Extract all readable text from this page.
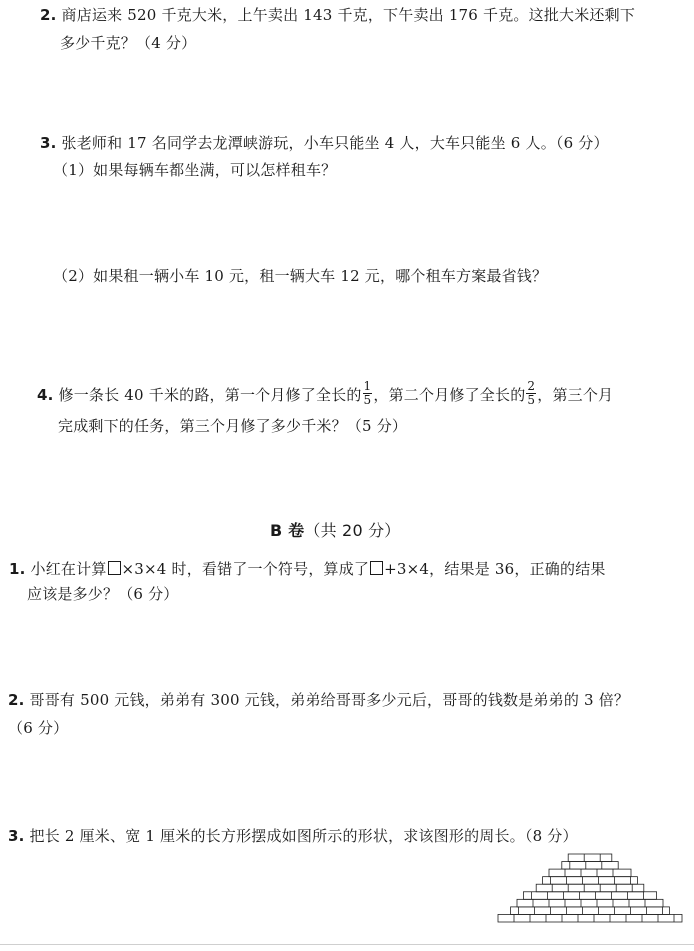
2. 商店运来 520 千克大米，上午卖出 143 千克，下午卖出 176 千克。这批大米还剩下
多少千克？（4 分）
3. 张老师和 17 名同学去龙潭峡游玩，小车只能坐 4 人，大车只能坐 6 人。（6 分）
（1）如果每辆车都坐满，可以怎样租车？
（2）如果租一辆小车 10 元，租一辆大车 12 元，哪个租车方案最省钱？
4. 修一条长 40 千米的路，第一个月修了全长的 $\frac{1}{5}$ ，第二个月修了全长的 $\frac{2}{5}$ ，第三个月
完成剩下的任务，第三个月修了多少千米？（5 分）
B 卷（共 20 分）
1. 小红在计算 ×3×4 时，看错了一个符号，算成了 +3×4，结果是 36，正确的结果
应该是多少？（6 分）
2. 哥哥有 500 元钱，弟弟有 300 元钱，弟弟给哥哥多少元后，哥哥的钱数是弟弟的 3 倍？
（6 分）
3. 把长 2 厘米、宽 1 厘米的长方形摆成如图所示的形状，求该图形的周长。（8 分）
